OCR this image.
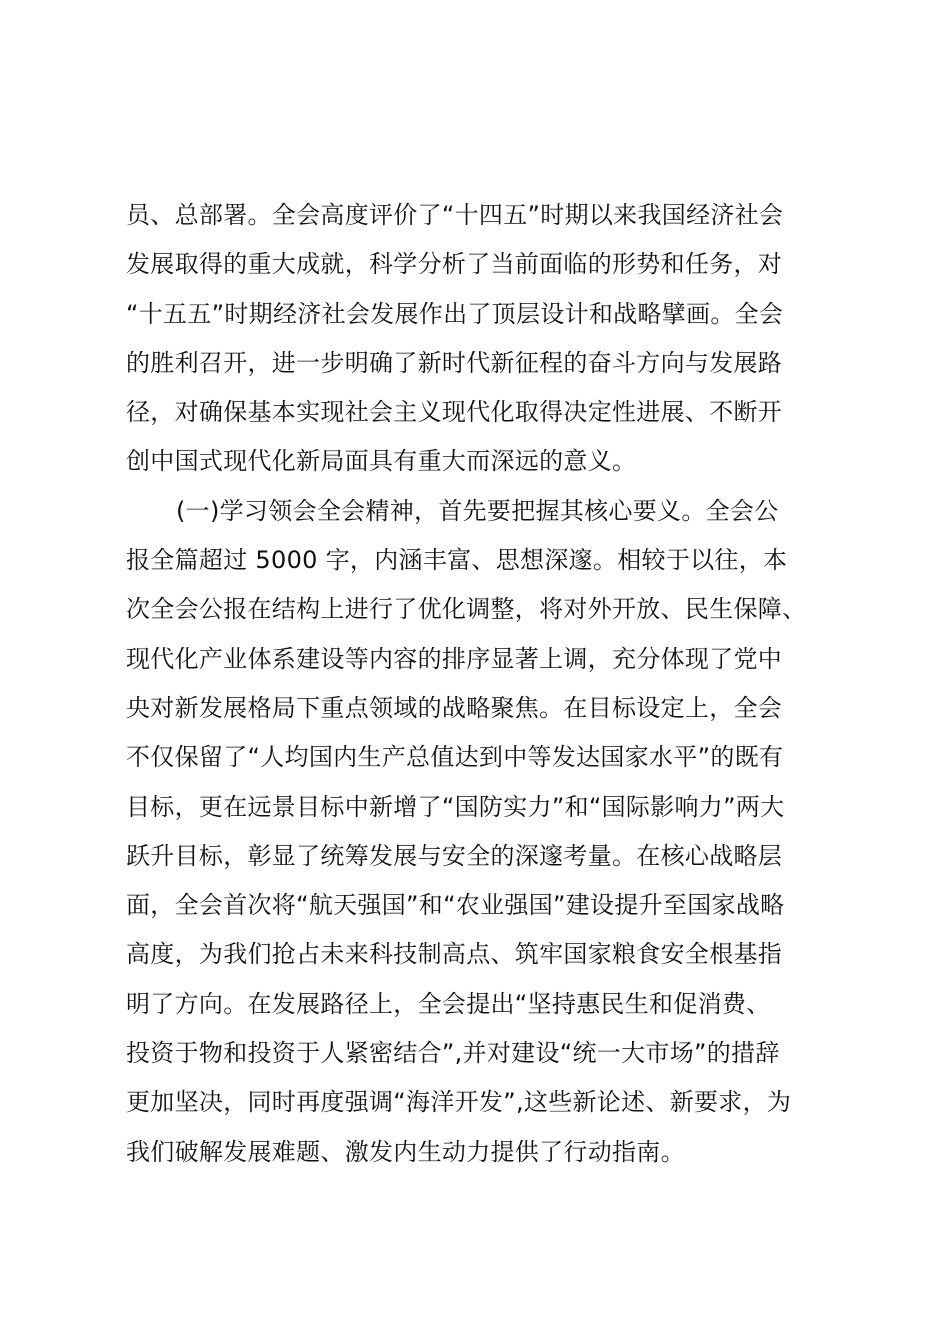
员、总部署。全会高度评价了“十四五”时期以来我国经济社会
发展取得的重大成就，科学分析了当前面临的形势和任务，对
“十五五”时期经济社会发展作出了顶层设计和战略擘画。全会
的胜利召开，进一步明确了新时代新征程的奋斗方向与发展路
径，对确保基本实现社会主义现代化取得决定性进展、不断开
创中国式现代化新局面具有重大而深远的意义。
(一)学习领会全会精神，首先要把握其核心要义。全会公
报全篇超过 5000 字，内涵丰富、思想深邃。相较于以往，本
次全会公报在结构上进行了优化调整，将对外开放、民生保障、
现代化产业体系建设等内容的排序显著上调，充分体现了党中
央对新发展格局下重点领域的战略聚焦。在目标设定上，全会
不仅保留了“人均国内生产总值达到中等发达国家水平”的既有
目标，更在远景目标中新增了“国防实力”和“国际影响力”两大
跃升目标，彰显了统筹发展与安全的深邃考量。在核心战略层
面，全会首次将“航天强国”和“农业强国”建设提升至国家战略
高度，为我们抢占未来科技制高点、筑牢国家粮食安全根基指
明了方向。在发展路径上，全会提出“坚持惠民生和促消费、
投资于物和投资于人紧密结合”,并对建设“统一大市场”的措辞
更加坚决，同时再度强调“海洋开发”,这些新论述、新要求，为
我们破解发展难题、激发内生动力提供了行动指南。
